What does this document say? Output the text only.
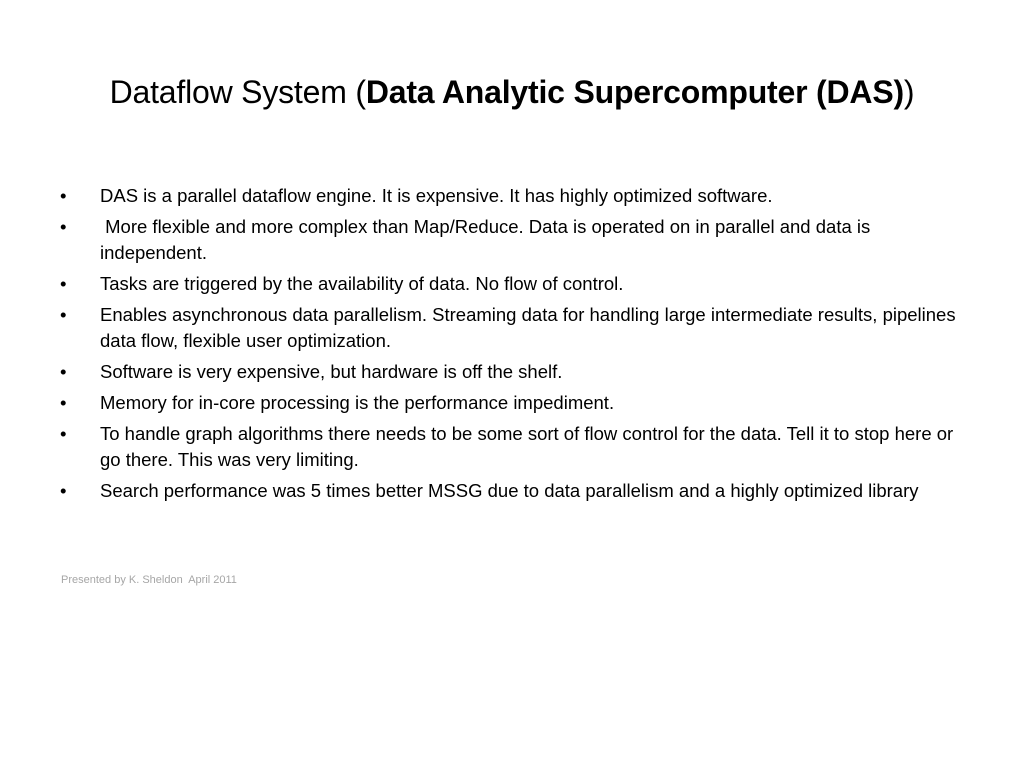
Dataflow System (Data Analytic Supercomputer (DAS))
•	DAS is a parallel dataflow engine. It is expensive. It has highly optimized software.
•	More flexible and more complex than Map/Reduce. Data is operated on in parallel and data is independent.
•	Tasks are triggered by the availability of data. No flow of control.
•	Enables asynchronous data parallelism. Streaming data for handling large intermediate results, pipelines data flow, flexible user optimization.
•	Software is very expensive, but hardware is off the shelf.
•	Memory for in-core processing is the performance impediment.
•	To handle graph algorithms there needs to be some sort of flow control for the data. Tell it to stop here or go there. This was very limiting.
•	Search performance was 5 times better MSSG due to data parallelism and a highly optimized library
Presented by K. Sheldon  April 2011
